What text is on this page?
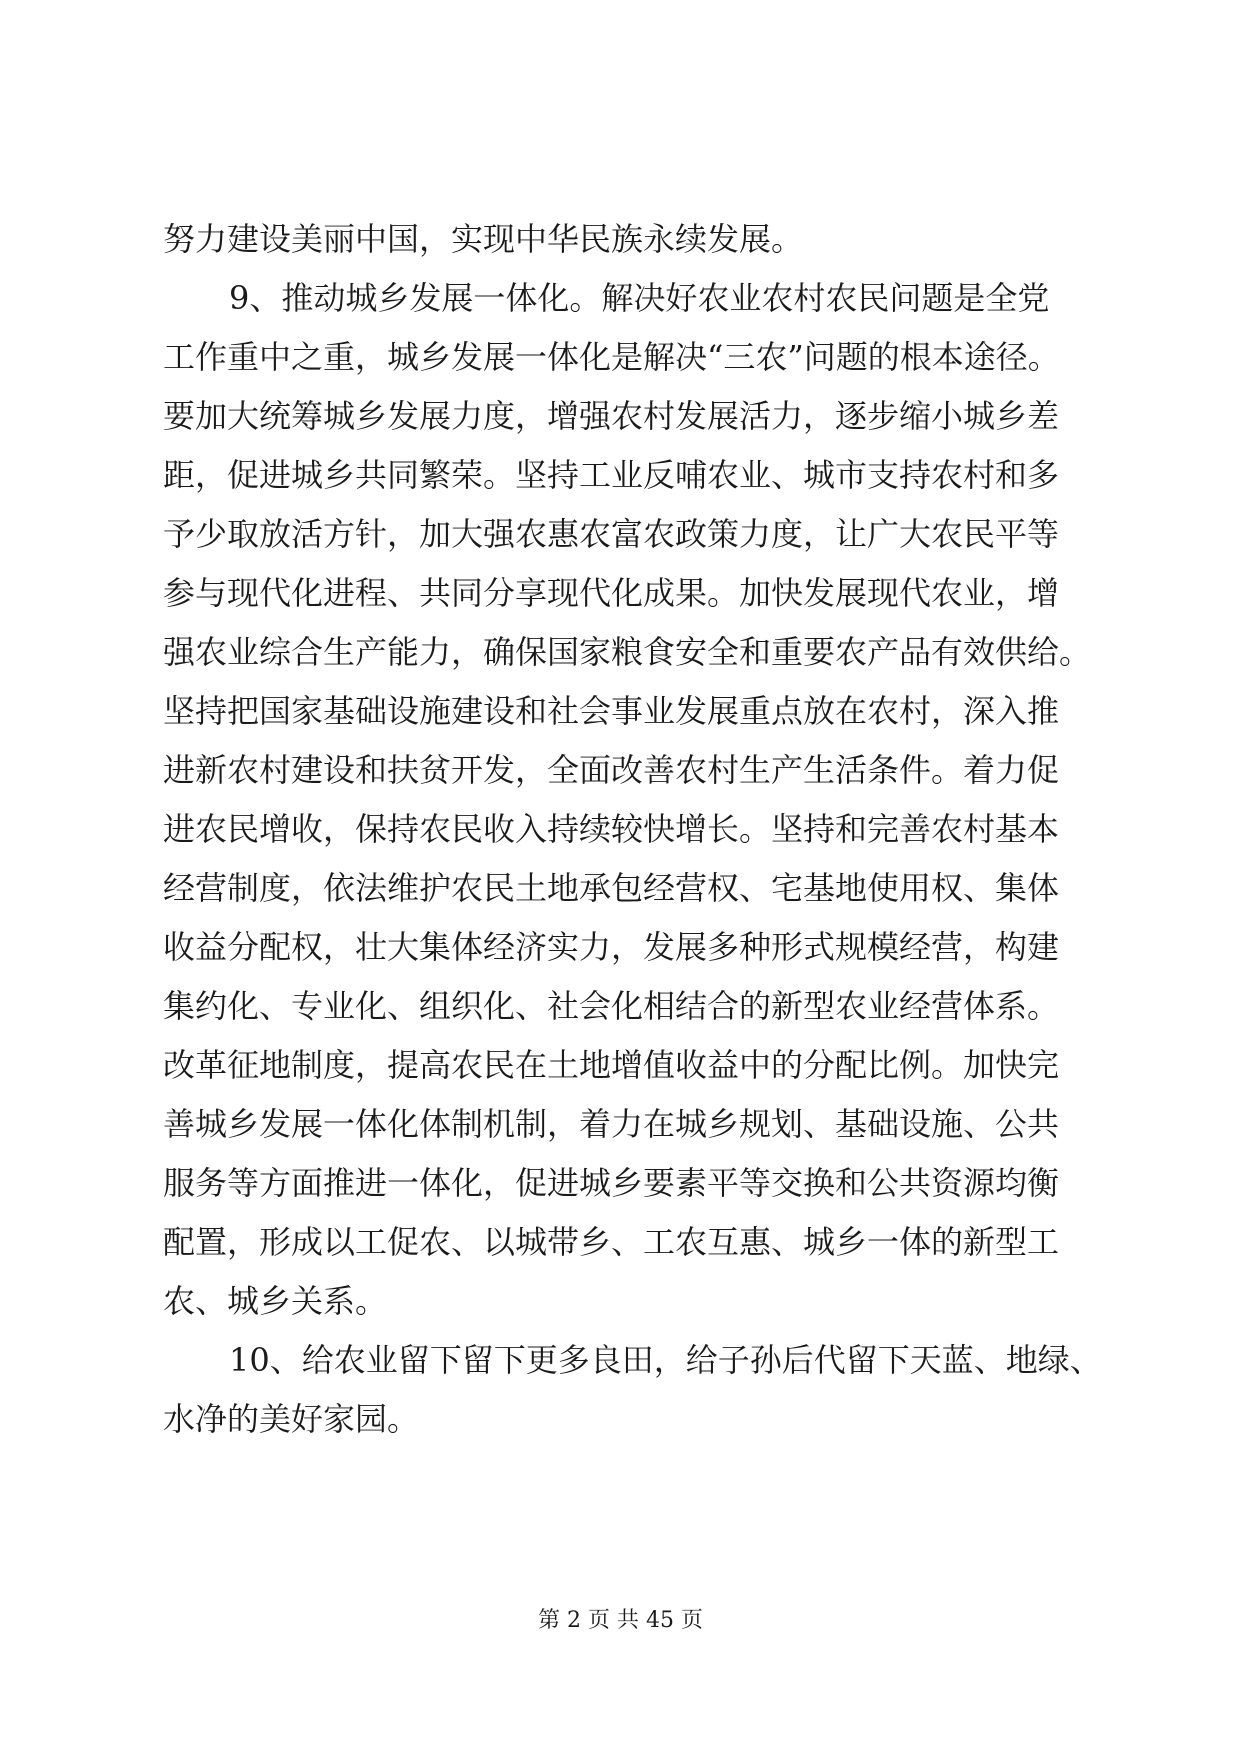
努力建设美丽中国，实现中华民族永续发展。
9、推动城乡发展一体化。解决好农业农村农民问题是全党
工作重中之重，城乡发展一体化是解决“三农”问题的根本途径。
要加大统筹城乡发展力度，增强农村发展活力，逐步缩小城乡差
距，促进城乡共同繁荣。坚持工业反哺农业、城市支持农村和多
予少取放活方针，加大强农惠农富农政策力度，让广大农民平等
参与现代化进程、共同分享现代化成果。加快发展现代农业，增
强农业综合生产能力，确保国家粮食安全和重要农产品有效供给。
坚持把国家基础设施建设和社会事业发展重点放在农村，深入推
进新农村建设和扶贫开发，全面改善农村生产生活条件。着力促
进农民增收，保持农民收入持续较快增长。坚持和完善农村基本
经营制度，依法维护农民土地承包经营权、宅基地使用权、集体
收益分配权，壮大集体经济实力，发展多种形式规模经营，构建
集约化、专业化、组织化、社会化相结合的新型农业经营体系。
改革征地制度，提高农民在土地增值收益中的分配比例。加快完
善城乡发展一体化体制机制，着力在城乡规划、基础设施、公共
服务等方面推进一体化，促进城乡要素平等交换和公共资源均衡
配置，形成以工促农、以城带乡、工农互惠、城乡一体的新型工
农、城乡关系。
10、给农业留下留下更多良田，给子孙后代留下天蓝、地绿、
水净的美好家园。
第 2 页 共 45 页
